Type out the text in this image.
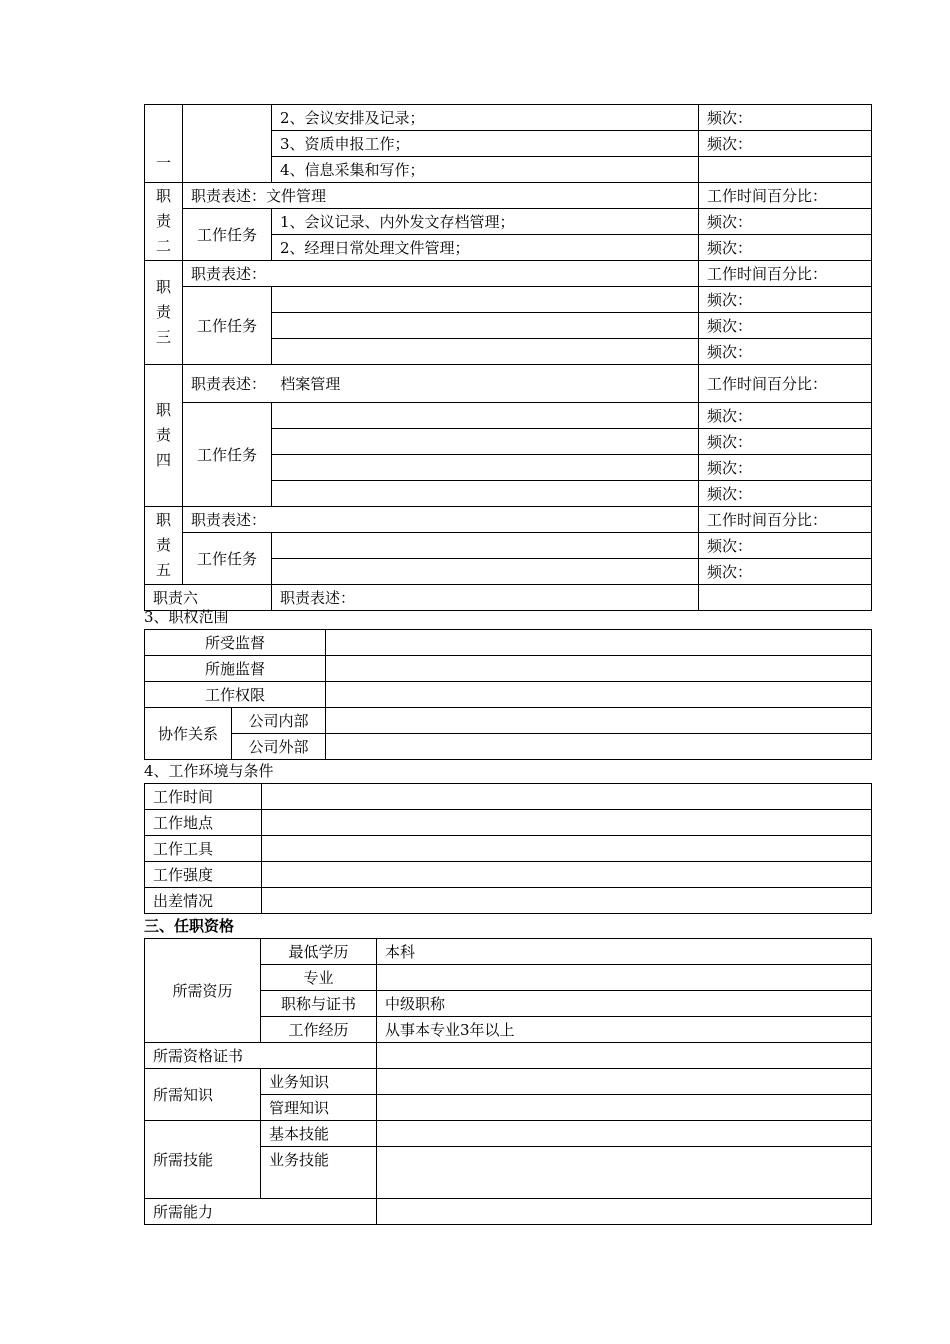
一		2、会议安排及记录；	频次：
		3、资质申报工作；	频次：
		4、信息采集和写作；	
职
责
二	职责表述：文件管理		工作时间百分比：
	工作任务	1、会议记录、内外发文存档管理；	频次：
		2、经理日常处理文件管理；	频次：
职
责
三	职责表述：		工作时间百分比：
	工作任务		频次：
			频次：
			频次：
职
责
四	职责表述：   档案管理		工作时间百分比：
	工作任务		频次：
			频次：
			频次：
			频次：
职
责
五	职责表述：		工作时间百分比：
	工作任务		频次：
			频次：
职责六		职责表述：	
3、职权范围
所受监督		
所施监督		
工作权限		
协作关系	公司内部	
	公司外部	
4、工作环境与条件
工作时间	
工作地点	
工作工具	
工作强度	
出差情况	
三、任职资格
所需资历	最低学历	本科
	专业	
	职称与证书	中级职称
	工作经历	从事本专业3年以上
所需资格证书		
所需知识	业务知识	
	管理知识	
所需技能	基本技能	
	业务技能	
所需能力		
